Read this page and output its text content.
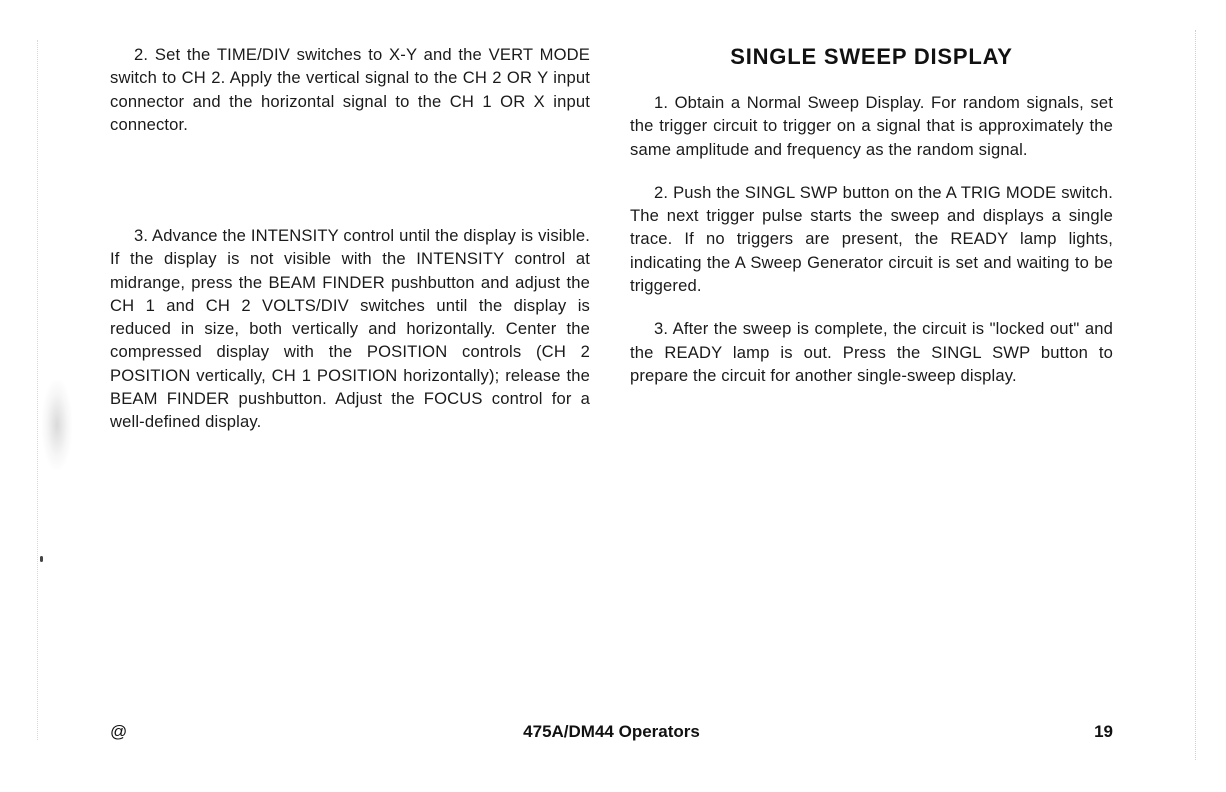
2. Set the TIME/DIV switches to X-Y and the VERT MODE switch to CH 2. Apply the vertical signal to the CH 2 OR Y input connector and the horizontal signal to the CH 1 OR X input connector.

3. Advance the INTENSITY control until the display is visible. If the display is not visible with the INTENSITY control at midrange, press the BEAM FINDER pushbutton and adjust the CH 1 and CH 2 VOLTS/DIV switches until the display is reduced in size, both vertically and horizontally. Center the compressed display with the POSITION controls (CH 2 POSITION vertically, CH 1 POSITION horizontally); release the BEAM FINDER pushbutton. Adjust the FOCUS control for a well-defined display.

SINGLE SWEEP DISPLAY

1. Obtain a Normal Sweep Display. For random signals, set the trigger circuit to trigger on a signal that is approximately the same amplitude and frequency as the random signal.

2. Push the SINGL SWP button on the A TRIG MODE switch. The next trigger pulse starts the sweep and displays a single trace. If no triggers are present, the READY lamp lights, indicating the A Sweep Generator circuit is set and waiting to be triggered.

3. After the sweep is complete, the circuit is "locked out" and the READY lamp is out. Press the SINGL SWP button to prepare the circuit for another single-sweep display.

@	475A/DM44 Operators	19
